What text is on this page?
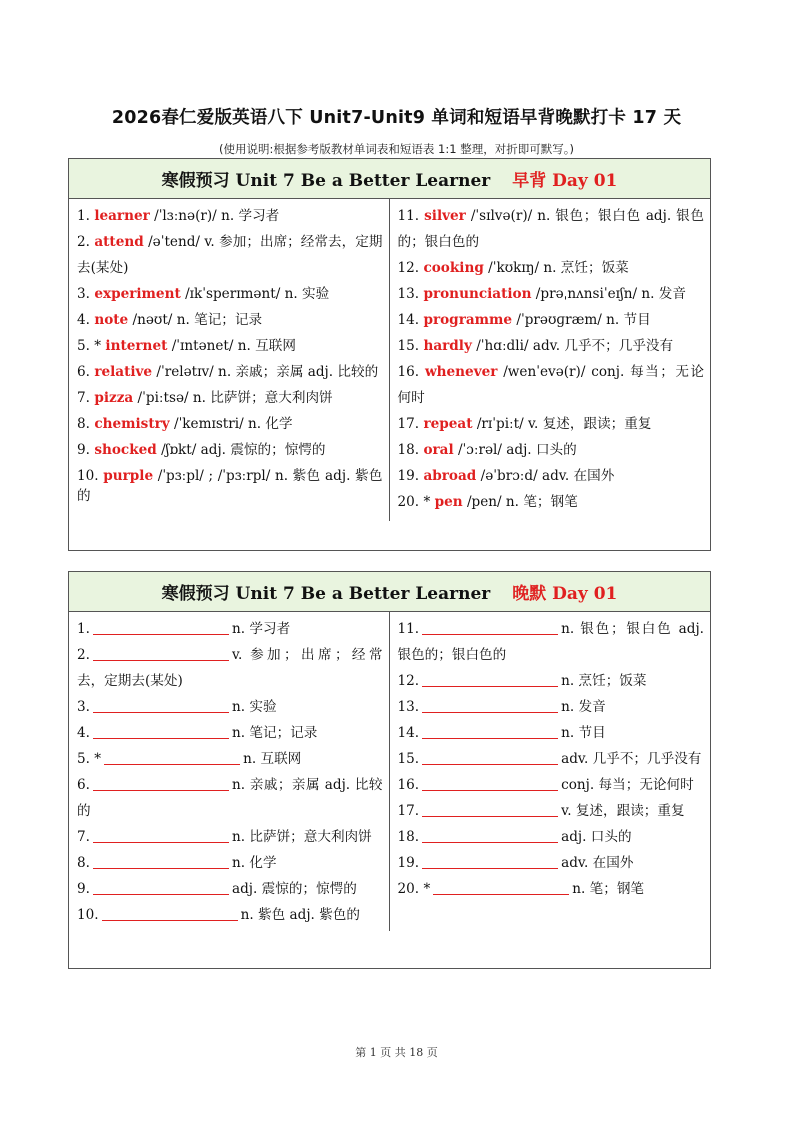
2026春仁爱版英语八下 Unit7-Unit9 单词和短语早背晚默打卡 17 天
(使用说明:根据参考版教材单词表和短语表 1:1 整理，对折即可默写。)
寒假预习 Unit 7 Be a Better Learner 早背 Day 01
1. learner /ˈlɜːnə(r)/ n. 学习者
2. attend /əˈtend/ v. 参加；出席；经常去，定期去(某处)
3. experiment /ɪkˈsperɪmənt/ n. 实验
4. note /nəʊt/ n. 笔记；记录
5. * internet /ˈɪntənet/ n. 互联网
6. relative /ˈrelətɪv/ n. 亲戚；亲属 adj. 比较的
7. pizza /ˈpiːtsə/ n. 比萨饼；意大利肉饼
8. chemistry /ˈkemɪstri/ n. 化学
9. shocked /ʃɒkt/ adj. 震惊的；惊愕的
10. purple /ˈpɜːpl/ ; /ˈpɜːrpl/ n. 紫色 adj. 紫色的
11. silver /ˈsɪlvə(r)/ n. 银色；银白色 adj. 银色的；银白色的
12. cooking /ˈkʊkɪŋ/ n. 烹饪；饭菜
13. pronunciation /prəˌnʌnsiˈeɪʃn/ n. 发音
14. programme /ˈprəʊɡræm/ n. 节目
15. hardly /ˈhɑːdli/ adv. 几乎不；几乎没有
16. whenever /wenˈevə(r)/ conj. 每当；无论何时
17. repeat /rɪˈpiːt/ v. 复述，跟读；重复
18. oral /ˈɔːrəl/ adj. 口头的
19. abroad /əˈbrɔːd/ adv. 在国外
20. * pen /pen/ n. 笔；钢笔
寒假预习 Unit 7 Be a Better Learner 晚默 Day 01
1.	n. 学习者
2.	v. 参加；出席；经常去，定期去(某处)
3.	n. 实验
4.	n. 笔记；记录
5. *	n. 互联网
6.	n. 亲戚；亲属 adj. 比较的
7.	n. 比萨饼；意大利肉饼
8.	n. 化学
9.	adj. 震惊的；惊愕的
10.	n. 紫色 adj. 紫色的
11.	n. 银色；银白色 adj. 银色的；银白色的
12.	n. 烹饪；饭菜
13.	n. 发音
14.	n. 节目
15.	adv. 几乎不；几乎没有
16.	conj. 每当；无论何时
17.	v. 复述，跟读；重复
18.	adj. 口头的
19.	adv. 在国外
20. *	n. 笔；钢笔
第 1 页 共 18 页
